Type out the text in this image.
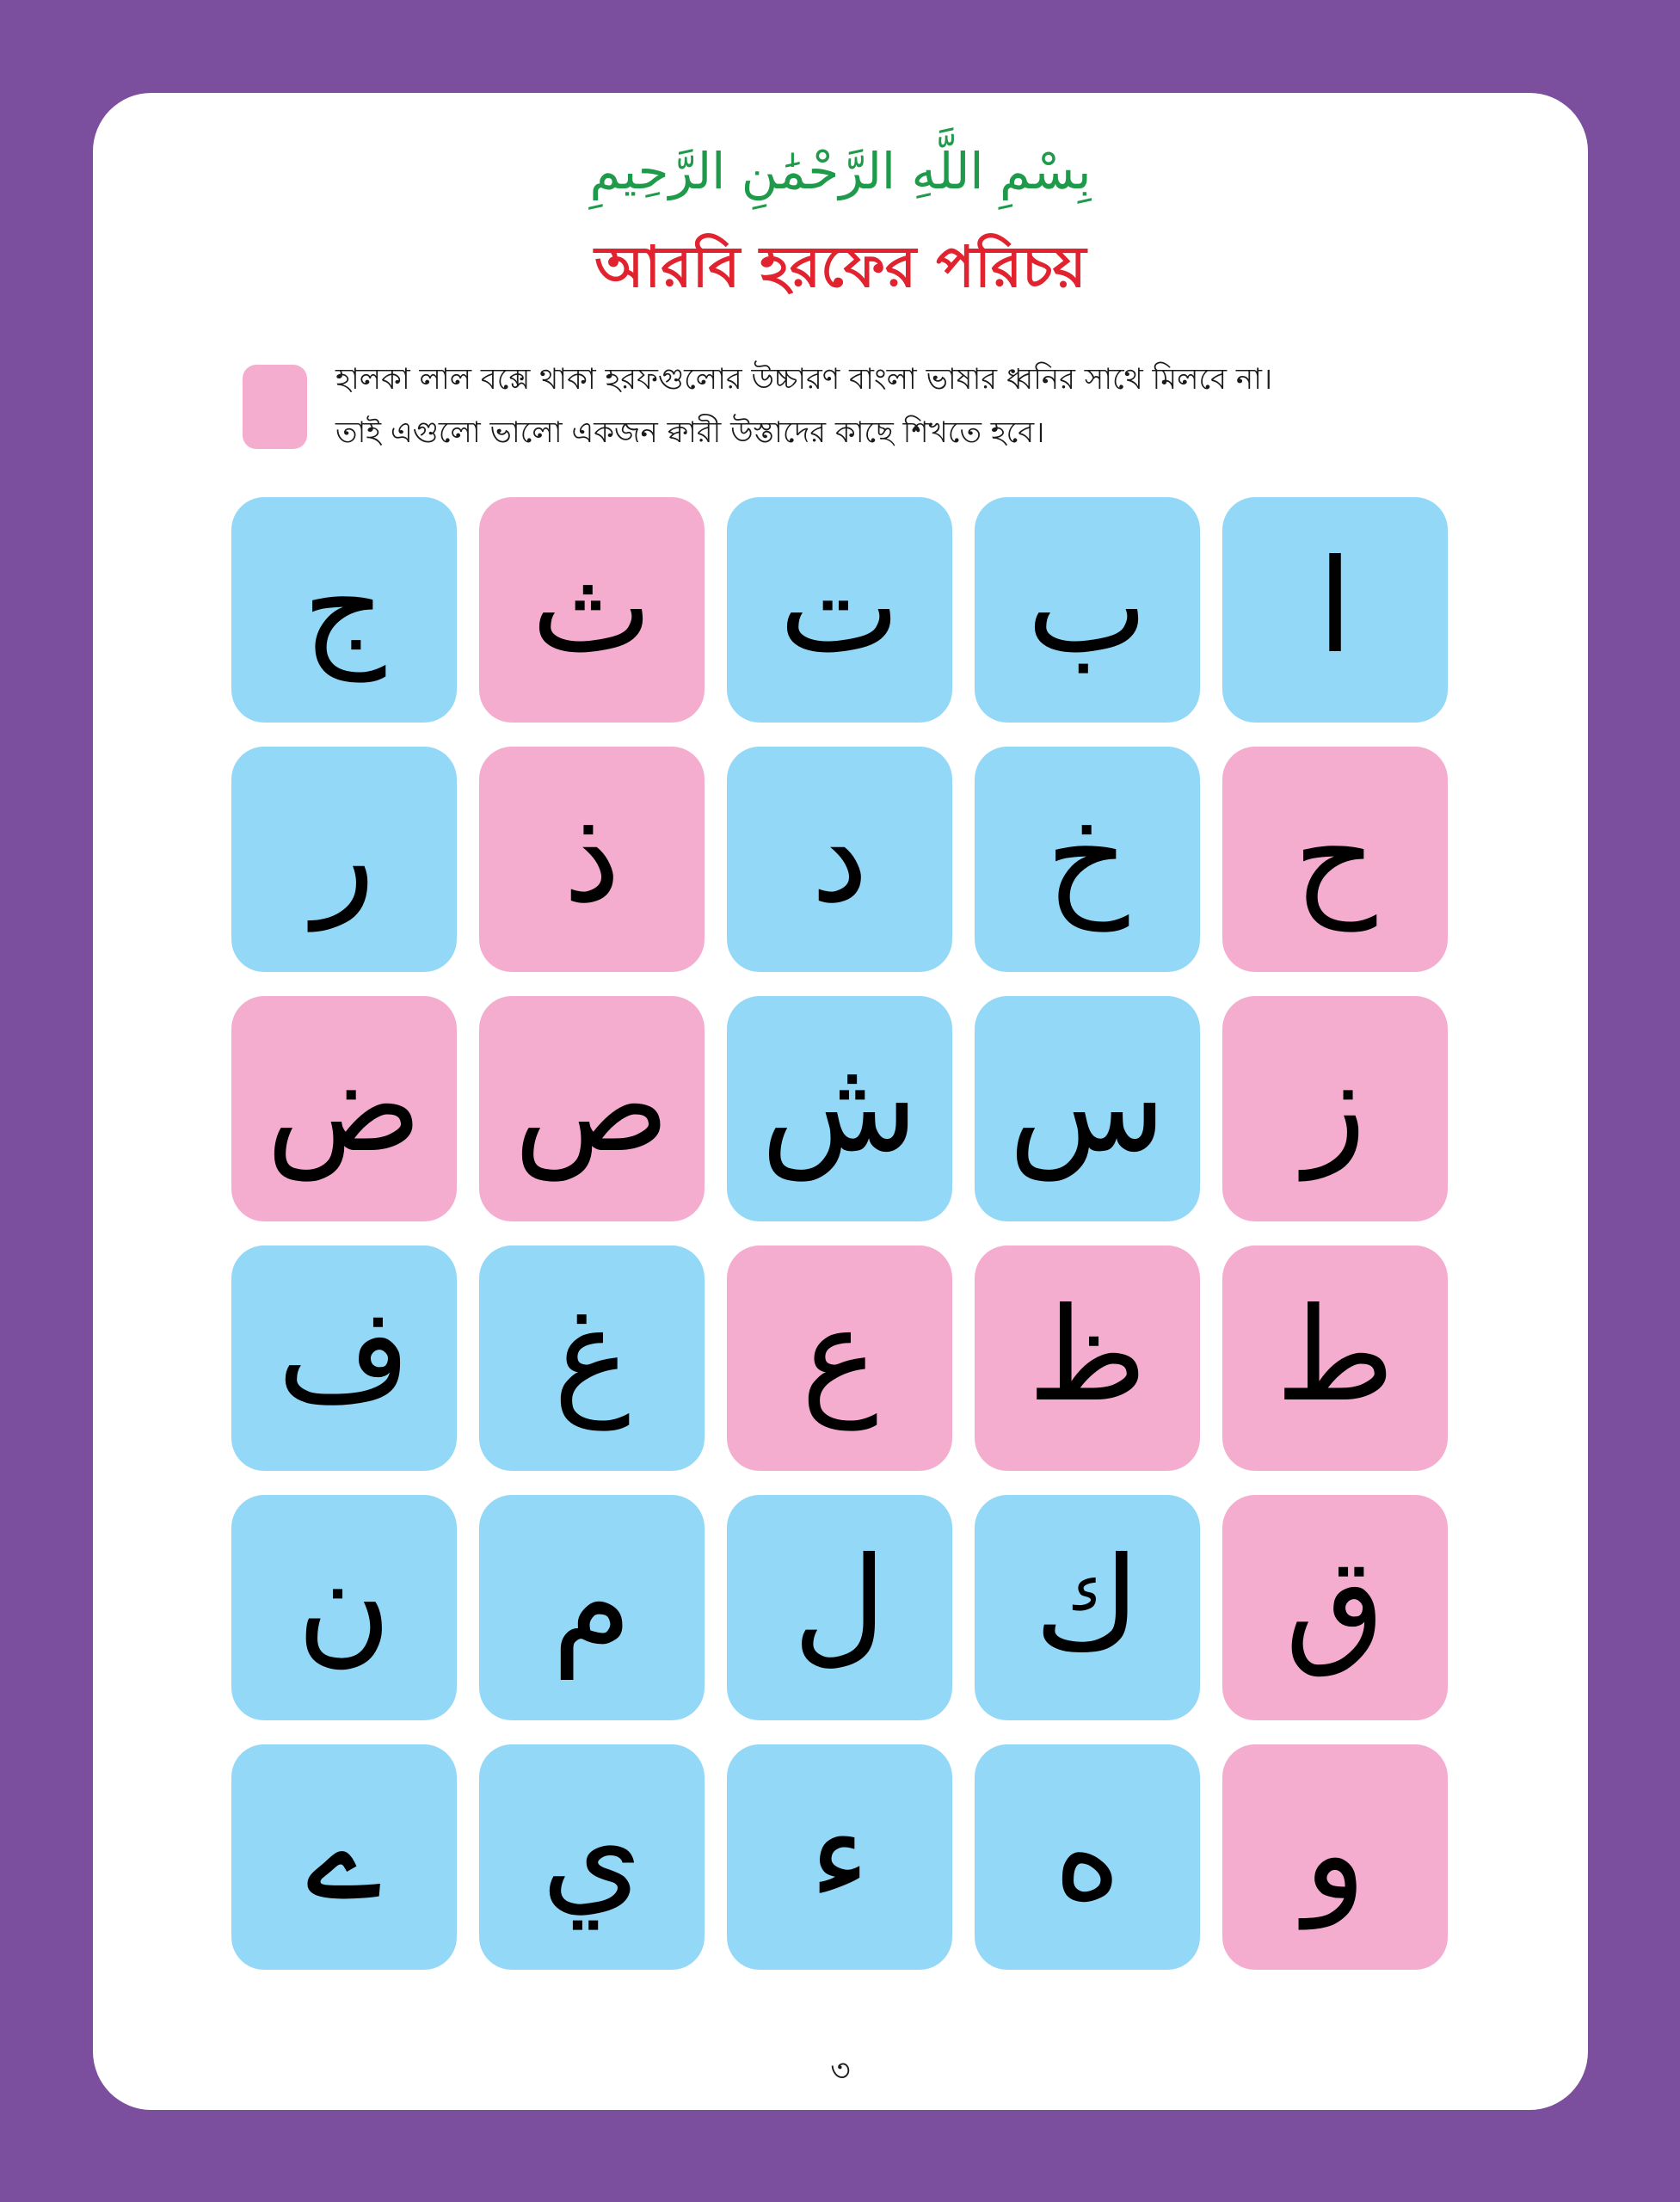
بِسْمِ اللَّهِ الرَّحْمَٰنِ الرَّحِيمِ
আরবি হরফের পরিচয়
হালকা লাল বক্সে থাকা হরফগুলোর উচ্চারণ বাংলা ভাষার ধ্বনির সাথে মিলবে না।
তাই এগুলো ভালো একজন ক্বারী উস্তাদের কাছে শিখতে হবে।
ا
ب
ت
ث
ج
ح
خ
د
ذ
ر
ز
س
ش
ص
ض
ط
ظ
ع
غ
ف
ق
ك
ل
م
ن
و
ه
ء
ي
ے
৩
